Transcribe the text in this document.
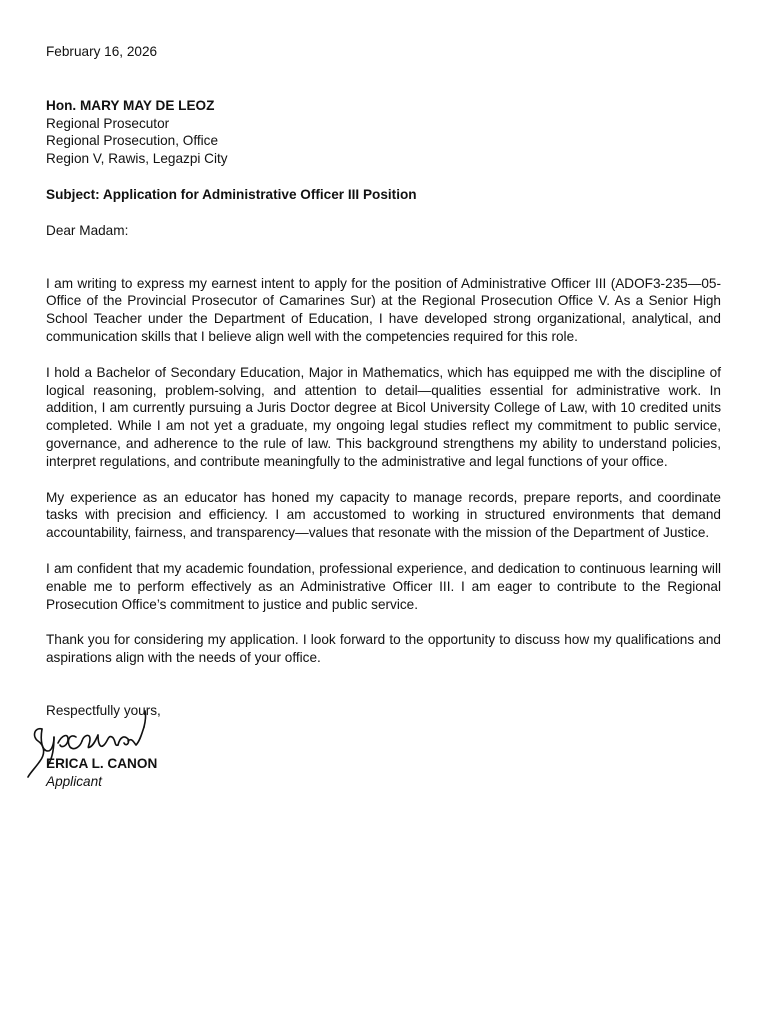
February 16, 2026

Hon. MARY MAY DE LEOZ
Regional Prosecutor
Regional Prosecution, Office
Region V, Rawis, Legazpi City

Subject: Application for Administrative Officer III Position

Dear Madam:

I am writing to express my earnest intent to apply for the position of Administrative Officer III (ADOF3-235—05-Office of the Provincial Prosecutor of Camarines Sur) at the Regional Prosecution Office V. As a Senior High School Teacher under the Department of Education, I have developed strong organizational, analytical, and communication skills that I believe align well with the competencies required for this role.

I hold a Bachelor of Secondary Education, Major in Mathematics, which has equipped me with the discipline of logical reasoning, problem-solving, and attention to detail—qualities essential for administrative work. In addition, I am currently pursuing a Juris Doctor degree at Bicol University College of Law, with 10 credited units completed. While I am not yet a graduate, my ongoing legal studies reflect my commitment to public service, governance, and adherence to the rule of law. This background strengthens my ability to understand policies, interpret regulations, and contribute meaningfully to the administrative and legal functions of your office.

My experience as an educator has honed my capacity to manage records, prepare reports, and coordinate tasks with precision and efficiency. I am accustomed to working in structured environments that demand accountability, fairness, and transparency—values that resonate with the mission of the Department of Justice.

I am confident that my academic foundation, professional experience, and dedication to continuous learning will enable me to perform effectively as an Administrative Officer III. I am eager to contribute to the Regional Prosecution Office’s commitment to justice and public service.

Thank you for considering my application. I look forward to the opportunity to discuss how my qualifications and aspirations align with the needs of your office.

Respectfully yours,

ERICA L. CANON
Applicant
